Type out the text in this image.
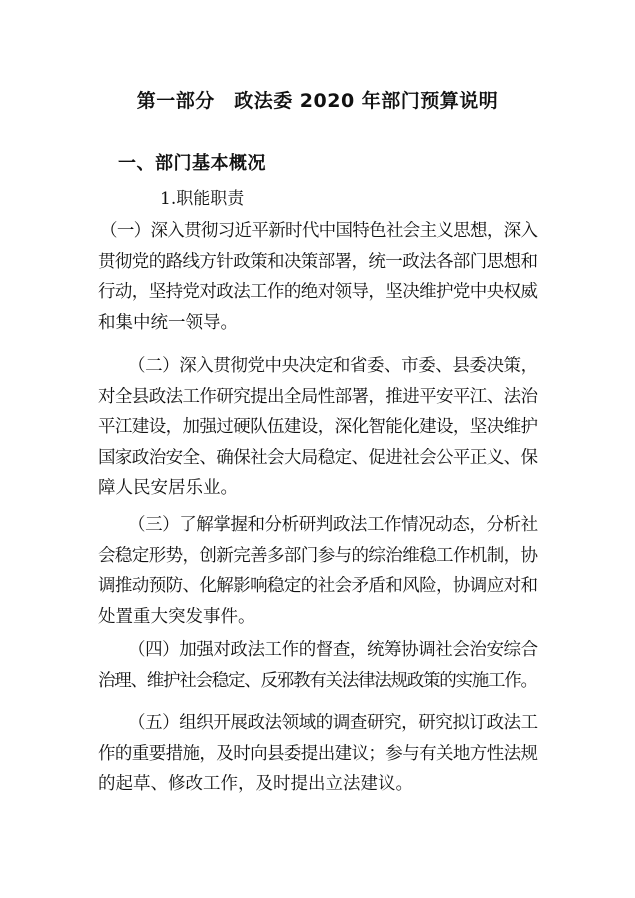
第一部分　政法委 2020 年部门预算说明
一、部门基本概况
1.职能职责
（一）深入贯彻习近平新时代中国特色社会主义思想，深入
贯彻党的路线方针政策和决策部署，统一政法各部门思想和
行动，坚持党对政法工作的绝对领导，坚决维护党中央权威
和集中统一领导。
（二）深入贯彻党中央决定和省委、市委、县委决策，
对全县政法工作研究提出全局性部署，推进平安平江、法治
平江建设，加强过硬队伍建设，深化智能化建设，坚决维护
国家政治安全、确保社会大局稳定、促进社会公平正义、保
障人民安居乐业。
（三）了解掌握和分析研判政法工作情况动态，分析社
会稳定形势，创新完善多部门参与的综治维稳工作机制，协
调推动预防、化解影响稳定的社会矛盾和风险，协调应对和
处置重大突发事件。
（四）加强对政法工作的督查，统筹协调社会治安综合
治理、维护社会稳定、反邪教有关法律法规政策的实施工作。
（五）组织开展政法领域的调查研究，研究拟订政法工
作的重要措施，及时向县委提出建议；参与有关地方性法规
的起草、修改工作，及时提出立法建议。
